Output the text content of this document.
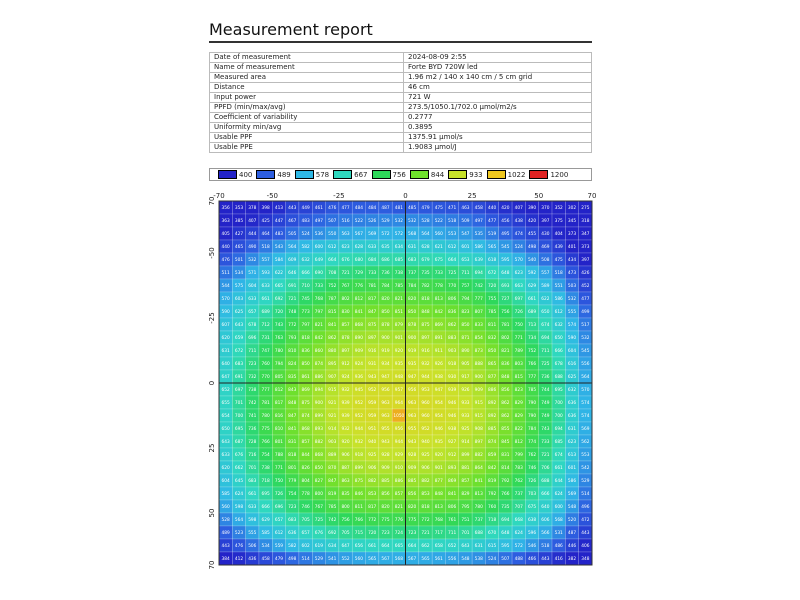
Measurement report
Date of measurement	2024-08-09 2:55
Name of measurement	Forte BYD 720W led
Measured area	1.96 m2 / 140 x 140 cm / 5 cm grid
Distance	46 cm
Input power	721 W
PPFD (min/max/avg)	273.5/1050.1/702.0 µmol/m2/s
Coefficient of variability	0.2777
Uniformity min/avg	0.3895
Usable PPF	1375.91 µmol/s
Usable PPE	1.9083 µmol/J
400	489	578	667	756	844	933	1022	1200
356 353 378 398 413 443 449 461 476 477 484 484 487 481 485 479 475 471 463 458 440 420 407 390 370 352 302 275
363 385 407 425 447 467 483 497 507 516 522 526 529 532 532 528 522 518 509 497 477 456 438 420 397 375 345 318
405 427 444 464 483 505 524 536 550 563 567 569 572 572 568 564 560 553 547 535 519 495 474 455 430 404 373 347
440 465 490 518 543 564 582 600 612 623 628 633 635 634 631 628 621 612 601 586 565 545 524 498 469 439 401 373
476 501 532 557 584 609 632 649 664 676 680 684 686 685 683 679 675 664 653 639 618 595 570 540 508 475 434 397
511 534 571 593 622 646 666 690 708 721 729 733 736 738 737 735 733 725 711 694 672 648 623 592 557 518 473 426
544 575 604 633 665 691 710 733 752 767 776 781 784 785 784 782 778 770 757 742 720 693 663 629 589 551 503 452
570 603 633 661 692 721 745 768 787 802 812 817 820 821 820 818 813 806 794 777 755 727 697 661 622 586 532 477
590 625 657 689 720 748 773 797 815 830 841 847 850 851 850 848 842 836 823 807 785 756 726 689 650 612 555 499
607 643 678 712 743 772 797 821 841 857 868 875 878 879 878 875 869 862 850 833 811 781 750 713 674 632 574 517
620 659 696 731 763 793 818 842 862 878 890 897 900 901 900 897 891 883 871 854 832 802 771 734 694 650 590 532
631 672 711 747 780 810 836 860 880 897 909 916 919 920 919 916 911 903 890 873 850 821 789 752 711 666 604 545
640 683 723 760 794 824 850 874 895 912 924 931 934 935 935 932 926 918 905 888 865 836 803 766 725 678 616 556
647 691 732 770 805 835 861 886 907 924 936 943 947 948 947 944 938 930 917 900 877 848 815 777 736 688 625 564
652 697 738 777 812 843 869 894 915 932 945 952 956 957 956 953 947 939 926 909 886 856 823 785 744 695 632 570
655 701 742 781 817 848 875 900 921 939 952 959 963 964 963 960 954 946 933 915 892 862 829 790 749 700 636 574
654 700 741 780 816 847 874 899 921 939 952 959 963 1050 963 960 954 946 933 915 892 862 829 790 749 700 636 574
650 695 736 775 810 841 868 893 914 932 944 951 955 956 955 952 946 938 925 908 885 855 822 784 743 694 631 569
643 687 728 766 801 831 857 882 903 920 932 940 943 944 943 940 935 927 914 897 874 845 812 774 733 685 623 562
633 676 716 754 788 818 844 868 889 906 918 925 928 929 928 925 920 912 899 882 859 831 799 762 721 674 613 553
620 662 701 738 771 801 826 850 870 887 899 906 909 910 909 906 901 893 881 864 842 814 783 746 706 661 601 542
604 645 683 718 750 779 804 827 847 863 875 882 885 886 885 882 877 869 857 841 819 792 762 726 688 644 586 529
585 624 661 695 726 754 778 800 819 835 846 853 856 857 856 853 848 841 829 813 792 766 737 703 666 624 569 514
560 598 633 666 696 723 746 767 785 800 811 817 820 821 820 818 813 806 795 780 760 735 707 675 640 600 548 496
528 564 598 629 657 683 705 725 742 756 766 772 775 776 775 772 768 761 751 737 718 694 668 638 606 568 520 472
489 523 555 585 612 636 657 676 692 705 715 720 723 724 723 721 717 711 701 688 670 648 624 596 566 531 487 443
443 476 506 534 559 582 602 619 634 647 656 661 664 665 664 662 658 652 643 631 615 595 572 546 518 486 446 406
384 412 436 458 479 498 514 529 541 552 560 565 567 568 567 565 561 556 548 538 524 507 488 466 443 416 382 348
-70	-50	-25	0	25	50	70
70
-50
-25
0
25
50
70
